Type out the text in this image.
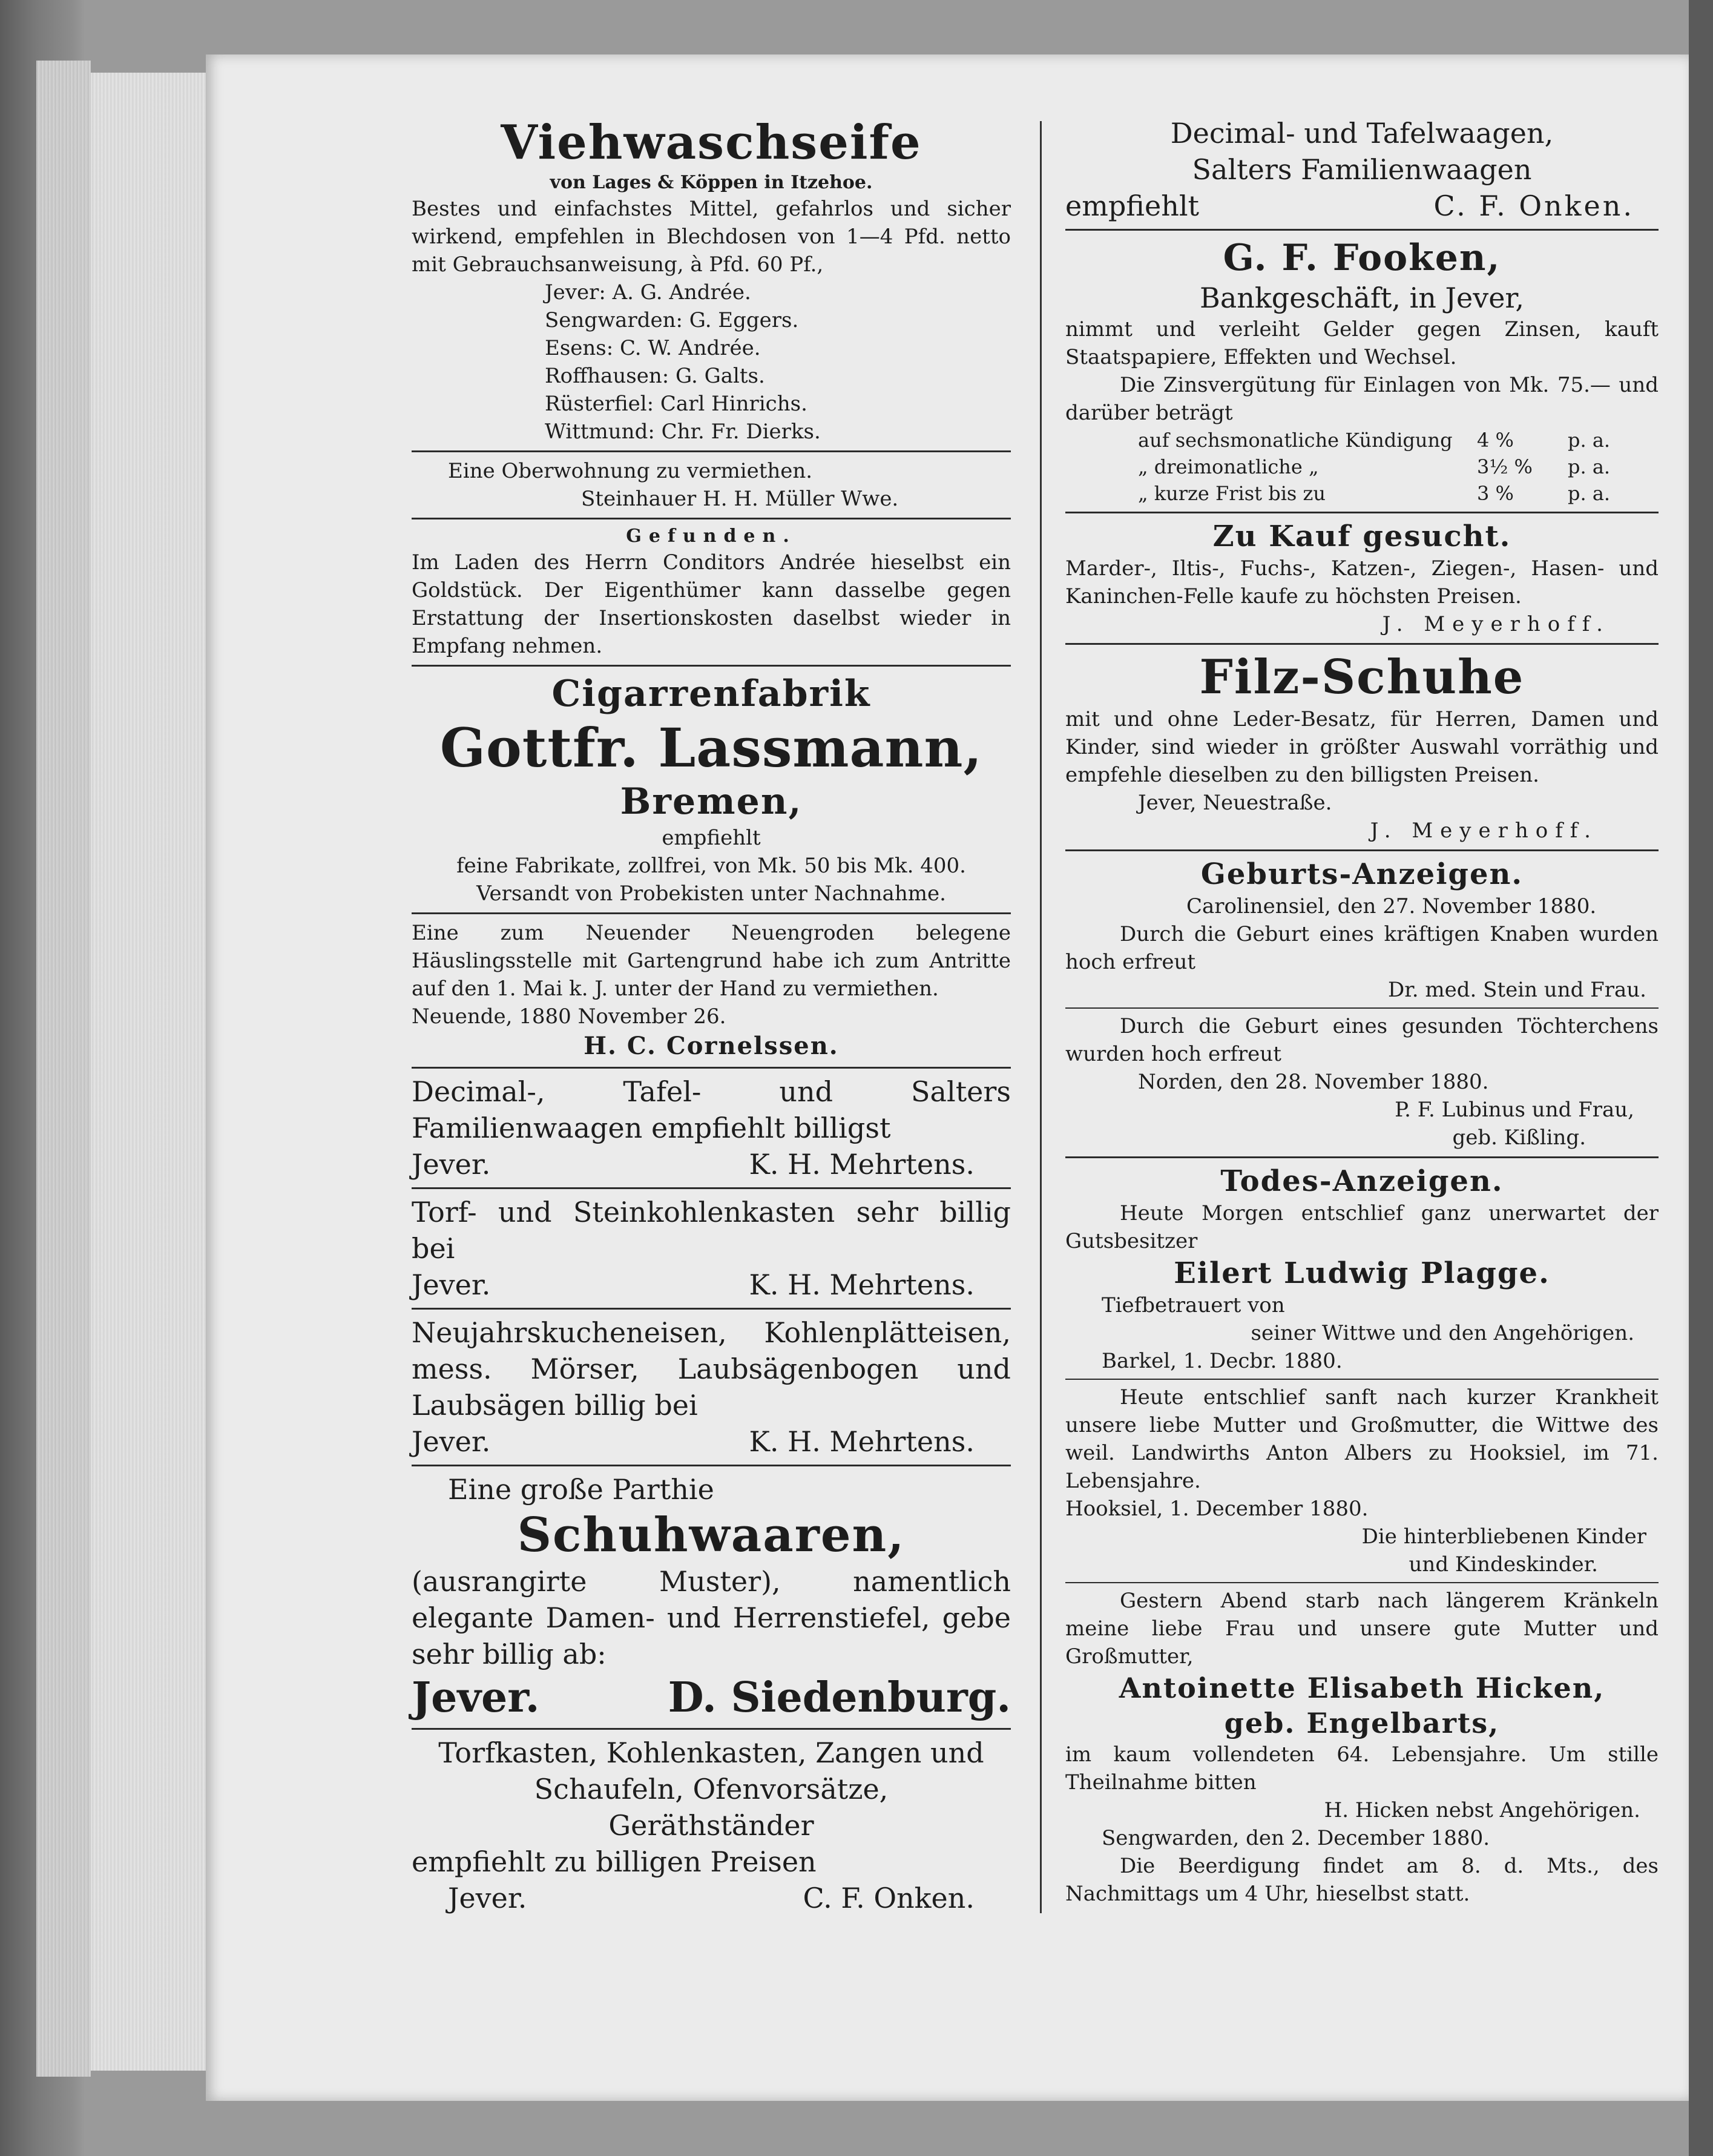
Viehwaschseife
von Lages & Köppen in Itzehoe.
Bestes und einfachstes Mittel, gefahrlos und sicher wirkend, empfehlen in Blechdosen von 1—4 Pfd. netto mit Gebrauchsanweisung, à Pfd. 60 Pf.,
Jever: A. G. Andrée.
Sengwarden: G. Eggers.
Esens: C. W. Andrée.
Roffhausen: G. Galts.
Rüsterfiel: Carl Hinrichs.
Wittmund: Chr. Fr. Dierks.
Eine Oberwohnung zu vermiethen.
Steinhauer H. H. Müller Wwe.
Gefunden.
Im Laden des Herrn Conditors Andrée hieselbst ein Goldstück. Der Eigenthümer kann dasselbe gegen Erstattung der Insertionskosten daselbst wieder in Empfang nehmen.
Cigarrenfabrik
Gottfr. Lassmann,
Bremen,
empfiehlt
feine Fabrikate, zollfrei, von Mk. 50 bis Mk. 400.
Versandt von Probekisten unter Nachnahme.
Eine zum Neuender Neuengroden belegene Häuslingsstelle mit Gartengrund habe ich zum Antritte auf den 1. Mai k. J. unter der Hand zu vermiethen.
Neuende, 1880 November 26.
H. C. Cornelssen.
Decimal-, Tafel- und Salters Familienwaagen empfiehlt billigst
Jever.	K. H. Mehrtens.
Torf- und Steinkohlenkasten sehr billig bei
Jever.	K. H. Mehrtens.
Neujahrskucheneisen, Kohlenplätteisen, mess. Mörser, Laubsägenbogen und Laubsägen billig bei
Jever.	K. H. Mehrtens.
Eine große Parthie
Schuhwaaren,
(ausrangirte Muster), namentlich elegante Damen- und Herrenstiefel, gebe sehr billig ab:
Jever.	D. Siedenburg.
Torfkasten, Kohlenkasten, Zangen und Schaufeln, Ofenvorsätze,
Geräthständer
empfiehlt zu billigen Preisen
Jever.	C. F. Onken.
Decimal- und Tafelwaagen,
Salters Familienwaagen
empfiehlt	C. F. Onken.
G. F. Fooken,
Bankgeschäft, in Jever,
nimmt und verleiht Gelder gegen Zinsen, kauft Staatspapiere, Effekten und Wechsel.
Die Zinsvergütung für Einlagen von Mk. 75.— und darüber beträgt
auf sechsmonatliche Kündigung	4 %	p. a.
„ dreimonatliche „	3½ %	p. a.
„ kurze Frist bis zu	3 %	p. a.
Zu Kauf gesucht.
Marder-, Iltis-, Fuchs-, Katzen-, Ziegen-, Hasen- und Kaninchen-Felle kaufe zu höchsten Preisen.
J. Meyerhoff.
Filz-Schuhe
mit und ohne Leder-Besatz, für Herren, Damen und Kinder, sind wieder in größter Auswahl vorräthig und empfehle dieselben zu den billigsten Preisen.
Jever, Neuestraße.
J. Meyerhoff.
Geburts-Anzeigen.
Carolinensiel, den 27. November 1880.
Durch die Geburt eines kräftigen Knaben wurden hoch erfreut
Dr. med. Stein und Frau.
Durch die Geburt eines gesunden Töchterchens wurden hoch erfreut
Norden, den 28. November 1880.
P. F. Lubinus und Frau,
geb. Kißling.
Todes-Anzeigen.
Heute Morgen entschlief ganz unerwartet der Gutsbesitzer
Eilert Ludwig Plagge.
Tiefbetrauert von
seiner Wittwe und den Angehörigen.
Barkel, 1. Decbr. 1880.
Heute entschlief sanft nach kurzer Krankheit unsere liebe Mutter und Großmutter, die Wittwe des weil. Landwirths Anton Albers zu Hooksiel, im 71. Lebensjahre.
Hooksiel, 1. December 1880.
Die hinterbliebenen Kinder
und Kindeskinder.
Gestern Abend starb nach längerem Kränkeln meine liebe Frau und unsere gute Mutter und Großmutter,
Antoinette Elisabeth Hicken,
geb. Engelbarts,
im kaum vollendeten 64. Lebensjahre. Um stille Theilnahme bitten
H. Hicken nebst Angehörigen.
Sengwarden, den 2. December 1880.
Die Beerdigung findet am 8. d. Mts., des Nachmittags um 4 Uhr, hieselbst statt.
